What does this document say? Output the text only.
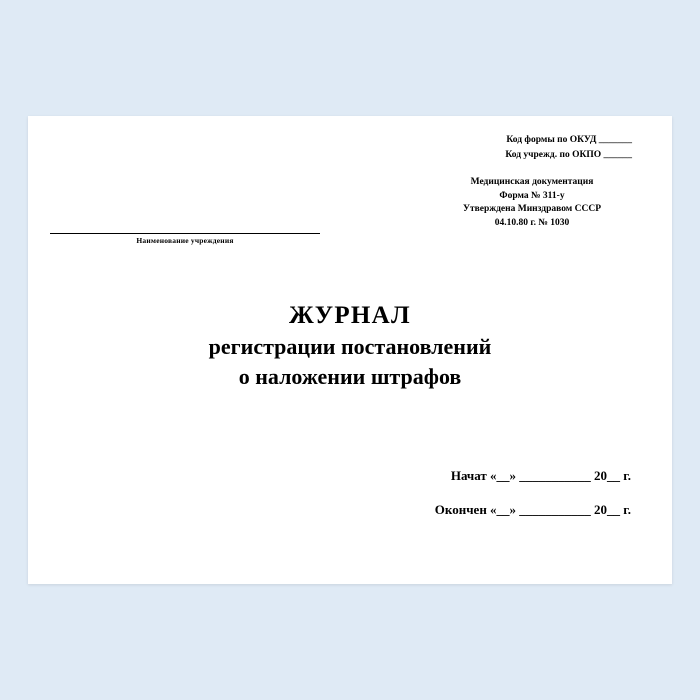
Код формы по ОКУД _______
Код учрежд. по ОКПО ______
Медицинская документация
Форма № 311-у
Утверждена Минздравом СССР
04.10.80 г. № 1030
Наименование учреждения
ЖУРНАЛ
регистрации постановлений
о наложении штрафов
Начат «__» ___________ 20__ г.
Окончен «__» ___________ 20__ г.
